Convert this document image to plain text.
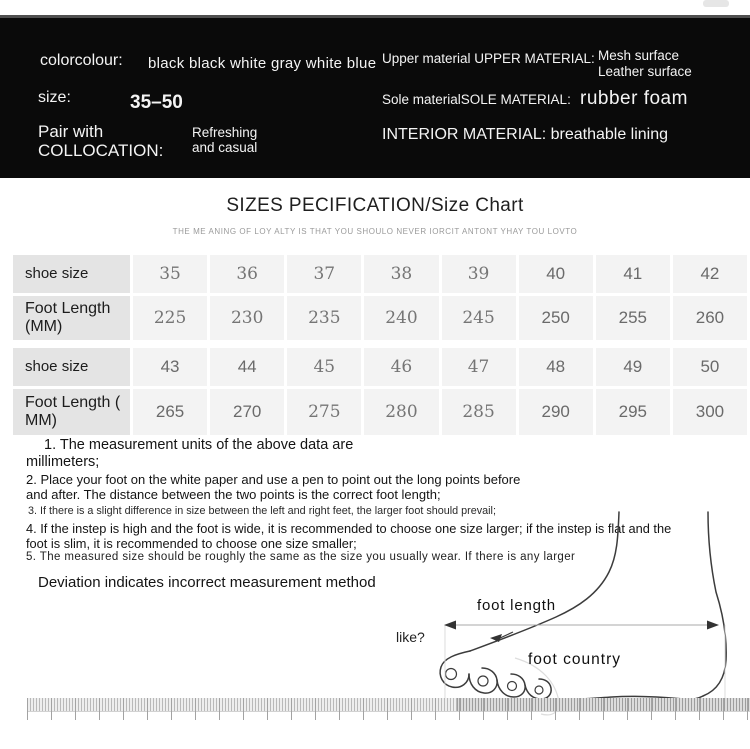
colorcolour: black black white gray white blue
size:	35–50
Pair with
COLLOCATION:
Refreshing
and casual
Upper material UPPER MATERIAL: Mesh surface
Leather surface
Sole materialSOLE MATERIAL: rubber foam
INTERIOR MATERIAL: breathable lining
SIZES PECIFICATION/Size Chart
THE ME ANING OF LOY ALTY IS THAT YOU SHOULO NEVER IORCIT ANTONT YHAY TOU LOVTO
shoe size	35	36	37	38	39	40	41	42
Foot Length
(MM)	225	230	235	240	245	250	255	260
shoe size	43	44	45	46	47	48	49	50
Foot Length (
MM)	265	270	275	280	285	290	295	300
1. The measurement units of the above data are
millimeters;
2. Place your foot on the white paper and use a pen to point out the long points before
and after. The distance between the two points is the correct foot length;
3. If there is a slight difference in size between the left and right feet, the larger foot should prevail;
4. If the instep is high and the foot is wide, it is recommended to choose one size larger; if the instep is flat and the
foot is slim, it is recommended to choose one size smaller;
5. The measured size should be roughly the same as the size you usually wear. If there is any larger
Deviation indicates incorrect measurement method
like?
foot length
foot country
